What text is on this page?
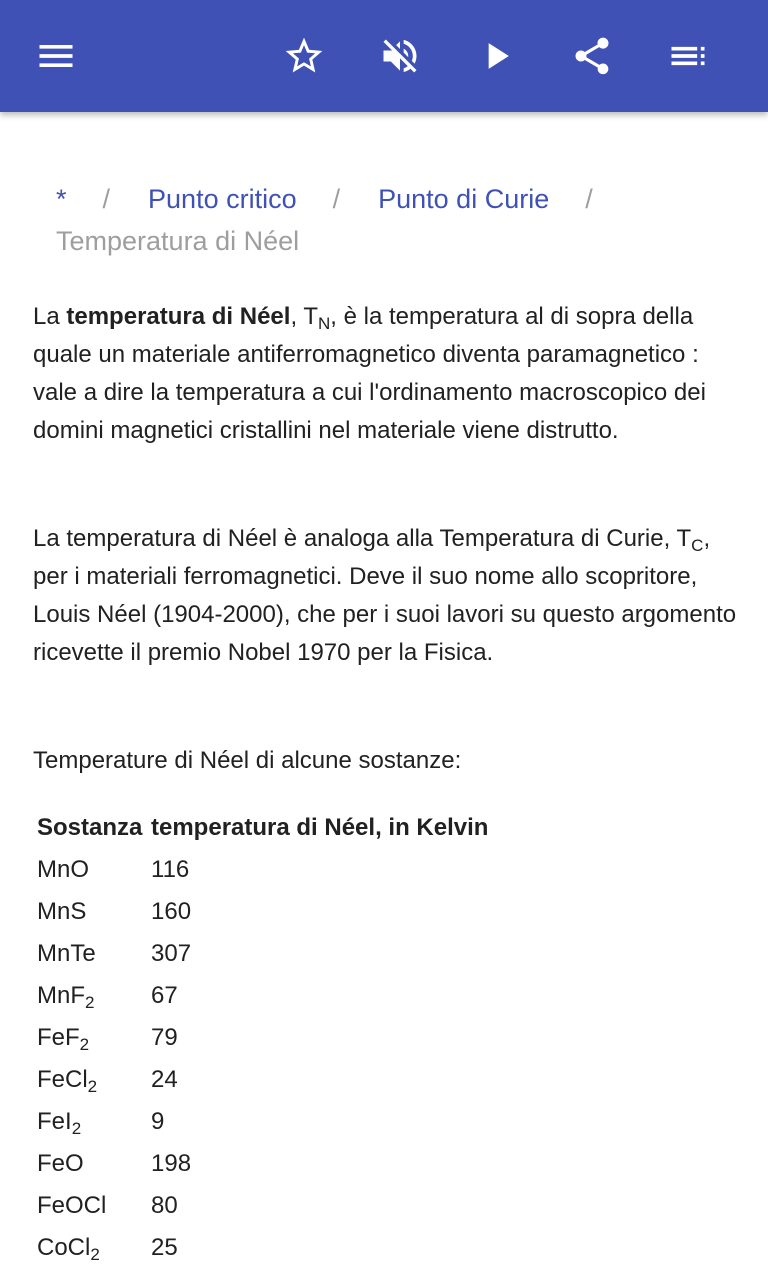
* / Punto critico / Punto di Curie /
Temperatura di Néel

La temperatura di Néel, $T_N$, è la temperatura al di sopra della quale un materiale antiferromagnetico diventa paramagnetico : vale a dire la temperatura a cui l'ordinamento macroscopico dei domini magnetici cristallini nel materiale viene distrutto.

La temperatura di Néel è analoga alla Temperatura di Curie, $T_C$, per i materiali ferromagnetici. Deve il suo nome allo scopritore, Louis Néel (1904-2000), che per i suoi lavori su questo argomento ricevette il premio Nobel 1970 per la Fisica.

Temperature di Néel di alcune sostanze:

Sostanza	temperatura di Néel, in Kelvin
MnO	116
MnS	160
MnTe	307
MnF$_2$	67
FeF$_2$	79
FeCl$_2$	24
FeI$_2$	9
FeO	198
FeOCl	80
CoCl$_2$	25
